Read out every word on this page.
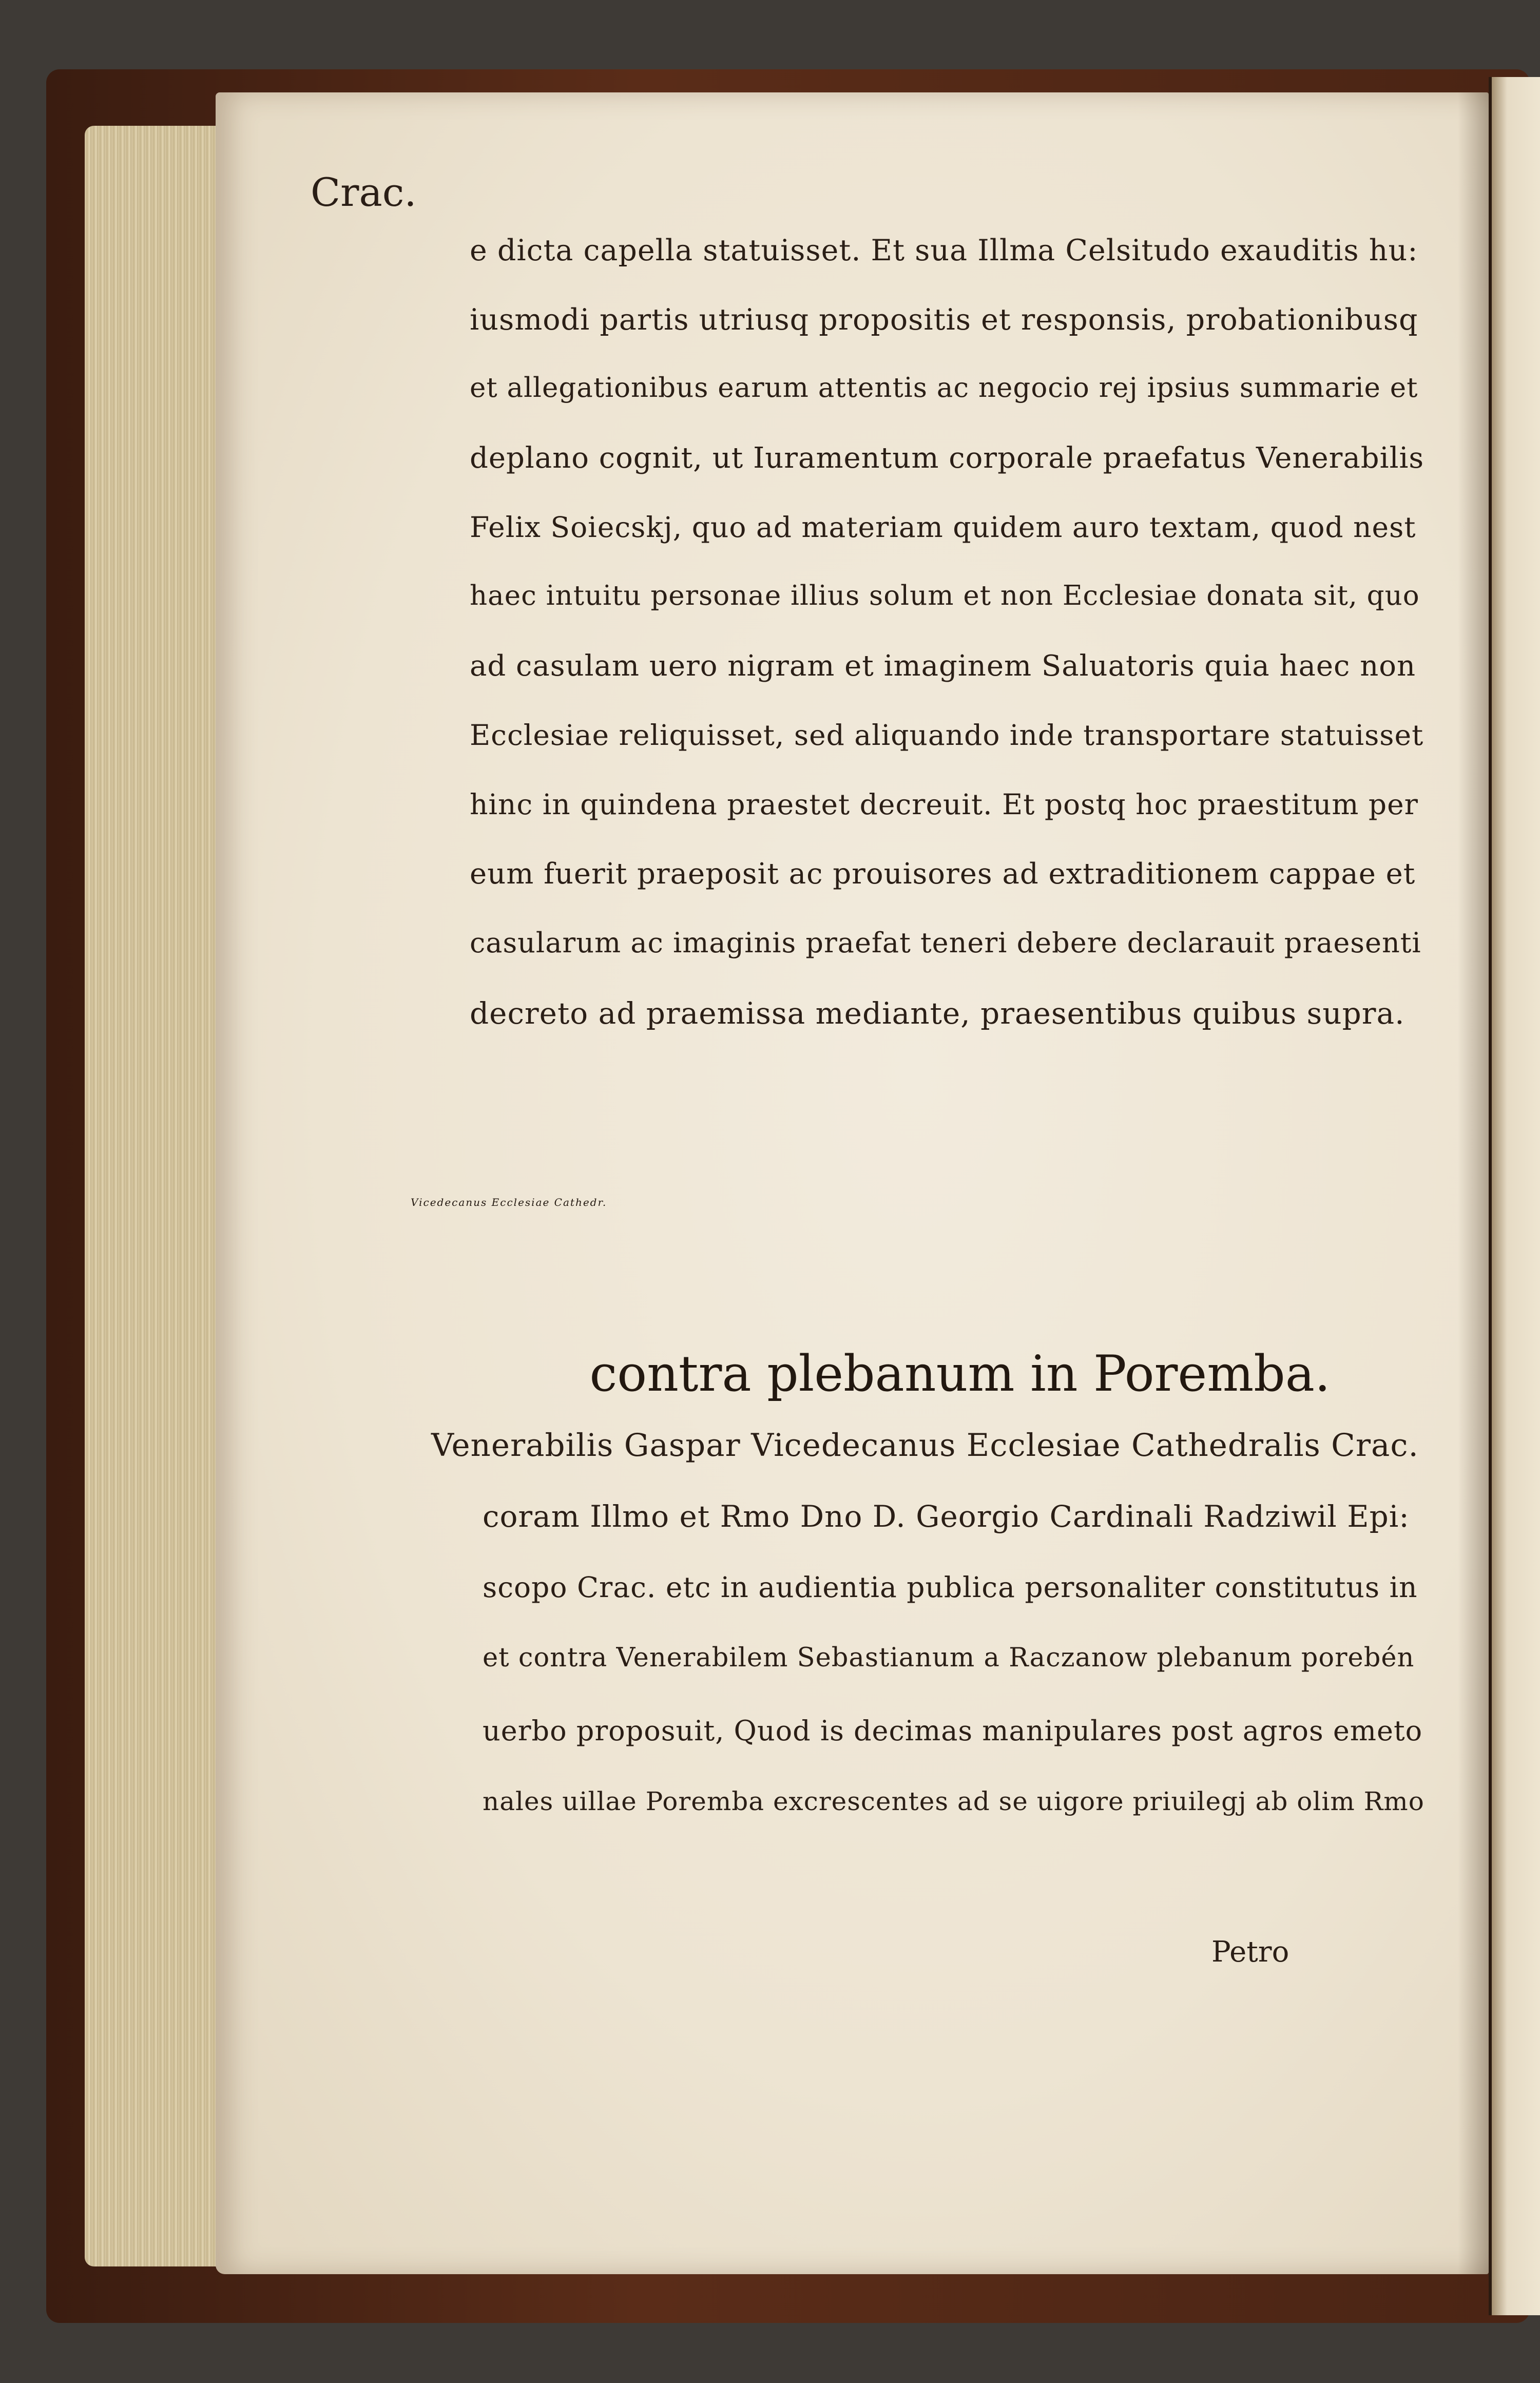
Crac.
e dicta capella statuisset. Et sua Illma Celsitudo exauditis hu:
iusmodi partis utriusq propositis et responsis, probationibusq
et allegationibus earum attentis ac negocio rej ipsius summarie et
deplano cognit, ut Iuramentum corporale praefatus Venerabilis
Felix Soiecskj, quo ad materiam quidem auro textam, quod nest
haec intuitu personae illius solum et non Ecclesiae donata sit, quo
ad casulam uero nigram et imaginem Saluatoris quia haec non
Ecclesiae reliquisset, sed aliquando inde transportare statuisset
hinc in quindena praestet decreuit. Et postq hoc praestitum per
eum fuerit praeposit ac prouisores ad extraditionem cappae et
casularum ac imaginis praefat teneri debere declarauit praesenti
decreto ad praemissa mediante, praesentibus quibus supra.
Vicedecanus Ecclesiae Cathedr.
contra plebanum in Poremba.
Venerabilis Gaspar Vicedecanus Ecclesiae Cathedralis Crac.
coram Illmo et Rmo Dno D. Georgio Cardinali Radziwil Epi:
scopo Crac. etc in audientia publica personaliter constitutus in
et contra Venerabilem Sebastianum a Raczanow plebanum porebén
uerbo proposuit, Quod is decimas manipulares post agros emeto
nales uillae Poremba excrescentes ad se uigore priuilegj ab olim Rmo
Petro
